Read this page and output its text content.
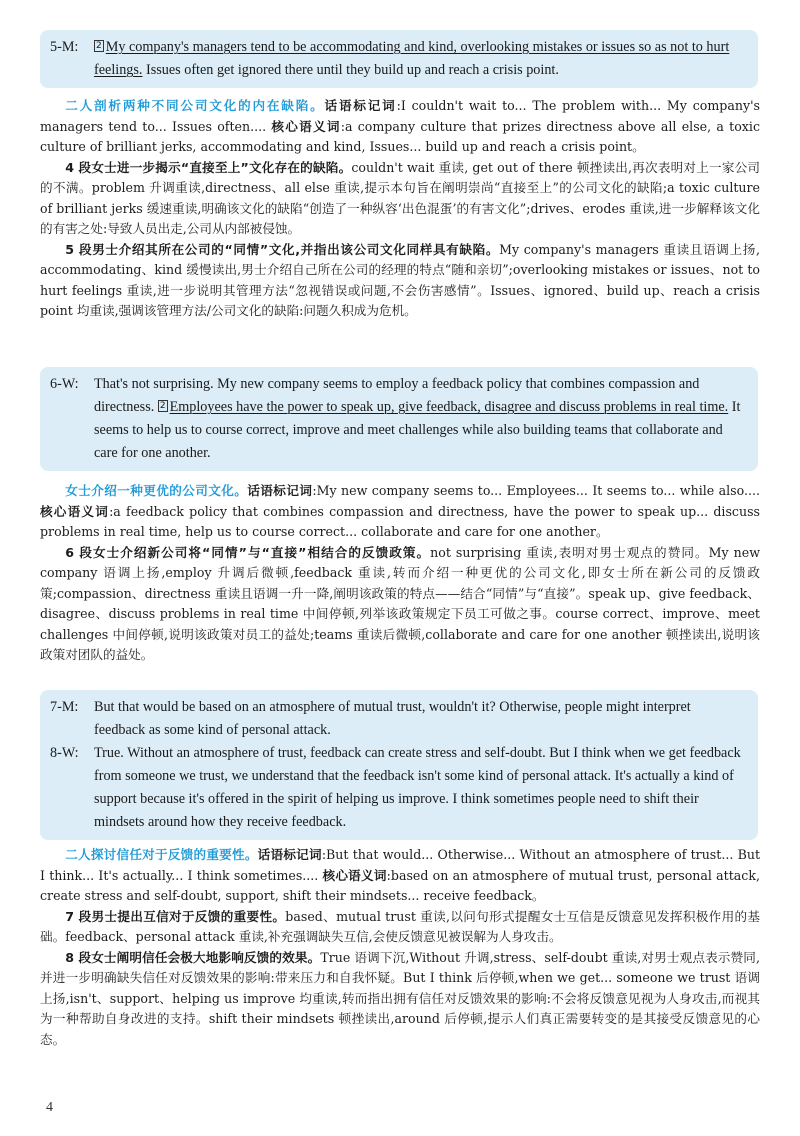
5-M:	2 My company's managers tend to be accommodating and kind, overlooking mistakes or issues so as not to hurt feelings. Issues often get ignored there until they build up and reach a crisis point.

二人剖析两种不同公司文化的内在缺陷。话语标记词:I couldn't wait to... The problem with... My company's managers tend to... Issues often.... 核心语义词:a company culture that prizes directness above all else, a toxic culture of brilliant jerks, accommodating and kind, Issues... build up and reach a crisis point。

4 段女士进一步揭示“直接至上”文化存在的缺陷。couldn't wait 重读, get out of there 顿挫读出,再次表明对上一家公司的不满。problem 升调重读,directness、all else 重读,提示本句旨在阐明崇尚“直接至上”的公司文化的缺陷;a toxic culture of brilliant jerks 缓速重读,明确该文化的缺陷“创造了一种纵容‘出色混蛋’的有害文化”;drives、erodes 重读,进一步解释该文化的有害之处:导致人员出走,公司从内部被侵蚀。

5 段男士介绍其所在公司的“同情”文化,并指出该公司文化同样具有缺陷。My company's managers 重读且语调上扬, accommodating、kind 缓慢读出,男士介绍自己所在公司的经理的特点“随和亲切”;overlooking mistakes or issues、not to hurt feelings 重读,进一步说明其管理方法“忽视错误或问题,不会伤害感情”。Issues、ignored、build up、reach a crisis point 均重读,强调该管理方法/公司文化的缺陷:问题久积成为危机。

6-W:	That's not surprising. My new company seems to employ a feedback policy that combines compassion and directness. 2 Employees have the power to speak up, give feedback, disagree and discuss problems in real time. It seems to help us to course correct, improve and meet challenges while also building teams that collaborate and care for one another.

女士介绍一种更优的公司文化。话语标记词:My new company seems to... Employees... It seems to... while also.... 核心语义词:a feedback policy that combines compassion and directness, have the power to speak up... discuss problems in real time, help us to course correct... collaborate and care for one another。

6 段女士介绍新公司将“同情”与“直接”相结合的反馈政策。not surprising 重读,表明对男士观点的赞同。My new company 语调上扬,employ 升调后微顿,feedback 重读,转而介绍一种更优的公司文化,即女士所在新公司的反馈政策;compassion、directness 重读且语调一升一降,阐明该政策的特点——结合“同情”与“直接”。speak up、give feedback、disagree、discuss problems in real time 中间停顿,列举该政策规定下员工可做之事。course correct、improve、meet challenges 中间停顿,说明该政策对员工的益处;teams 重读后微顿,collaborate and care for one another 顿挫读出,说明该政策对团队的益处。

7-M:	But that would be based on an atmosphere of mutual trust, wouldn't it? Otherwise, people might interpret feedback as some kind of personal attack.
8-W:	True. Without an atmosphere of trust, feedback can create stress and self-doubt. But I think when we get feedback from someone we trust, we understand that the feedback isn't some kind of personal attack. It's actually a kind of support because it's offered in the spirit of helping us improve. I think sometimes people need to shift their mindsets around how they receive feedback.

二人探讨信任对于反馈的重要性。话语标记词:But that would... Otherwise... Without an atmosphere of trust... But I think... It's actually... I think sometimes.... 核心语义词:based on an atmosphere of mutual trust, personal attack, create stress and self-doubt, support, shift their mindsets... receive feedback。

7 段男士提出互信对于反馈的重要性。based、mutual trust 重读,以问句形式提醒女士互信是反馈意见发挥积极作用的基础。feedback、personal attack 重读,补充强调缺失互信,会使反馈意见被误解为人身攻击。

8 段女士阐明信任会极大地影响反馈的效果。True 语调下沉,Without 升调,stress、self-doubt 重读,对男士观点表示赞同,并进一步明确缺失信任对反馈效果的影响:带来压力和自我怀疑。But I think 后停顿,when we get... someone we trust 语调上扬,isn't、support、helping us improve 均重读,转而指出拥有信任对反馈效果的影响:不会将反馈意见视为人身攻击,而视其为一种帮助自身改进的支持。shift their mindsets 顿挫读出,around 后停顿,提示人们真正需要转变的是其接受反馈意见的心态。

4
